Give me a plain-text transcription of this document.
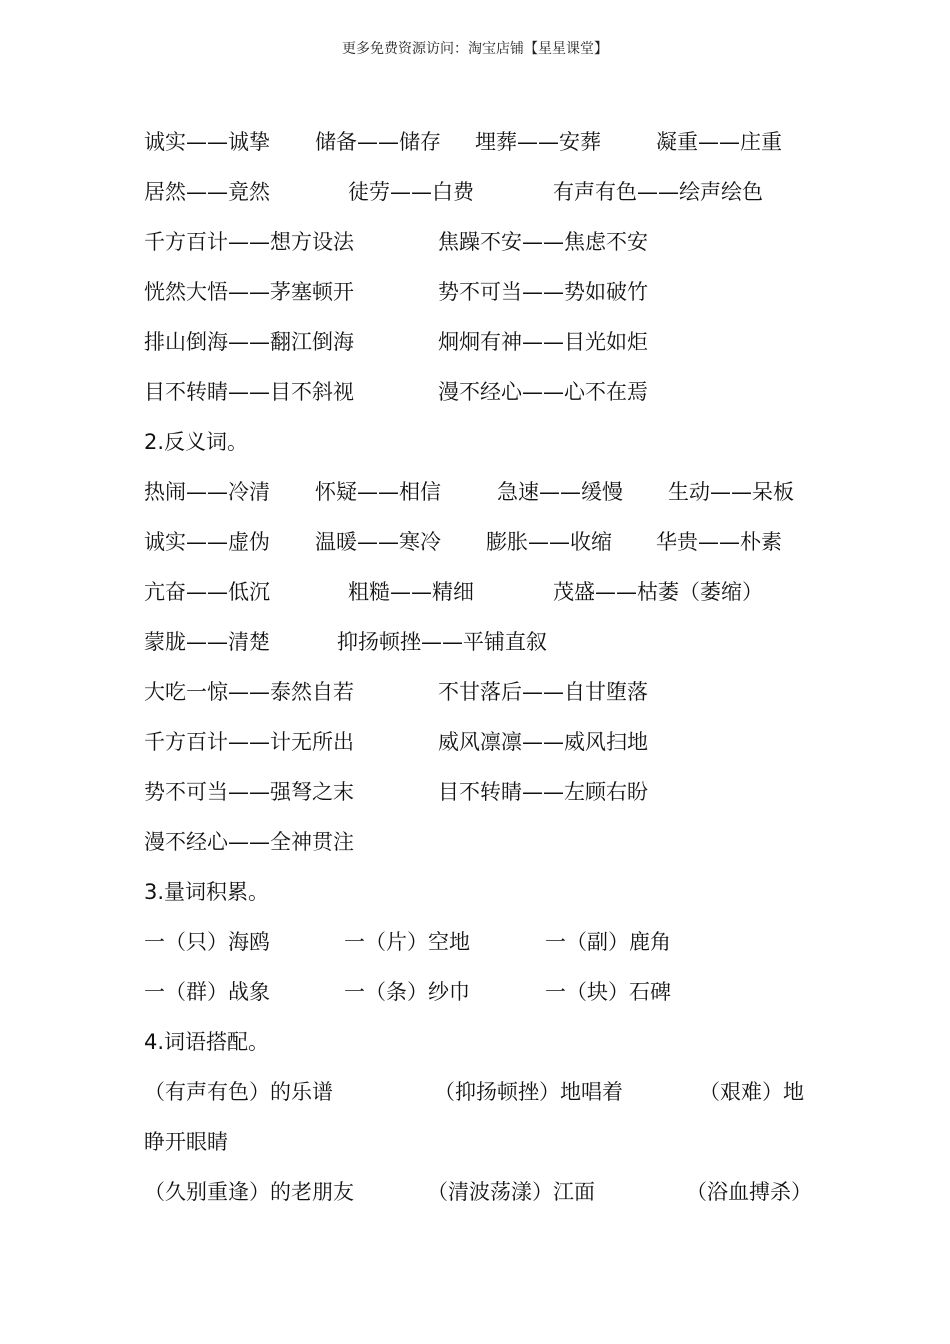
更多免费资源访问：淘宝店铺【星星课堂】
诚实——诚挚 储备——储存 埋葬——安葬	凝重——庄重
居然——竟然	徒劳——白费	有声有色——绘声绘色
千方百计——想方设法	焦躁不安——焦虑不安
恍然大悟——茅塞顿开	势不可当——势如破竹
排山倒海——翻江倒海	炯炯有神——目光如炬
目不转睛——目不斜视	漫不经心——心不在焉
2.反义词。
热闹——冷清 怀疑——相信	急速——缓慢 生动——呆板
诚实——虚伪 温暖——寒冷 膨胀——收缩 华贵——朴素
亢奋——低沉	粗糙——精细	茂盛——枯萎（萎缩）
蒙胧——清楚	抑扬顿挫——平铺直叙
大吃一惊——泰然自若	不甘落后——自甘堕落
千方百计——计无所出	威风凛凛——威风扫地
势不可当——强弩之末	目不转睛——左顾右盼
漫不经心——全神贯注
3.量词积累。
一（只）海鸥	一（片）空地	一（副）鹿角
一（群）战象	一（条）纱巾	一（块）石碑
4.词语搭配。
（有声有色）的乐谱	（抑扬顿挫）地唱着	（艰难）地
睁开眼睛
（久别重逢）的老朋友	（清波荡漾）江面	（浴血搏杀）
